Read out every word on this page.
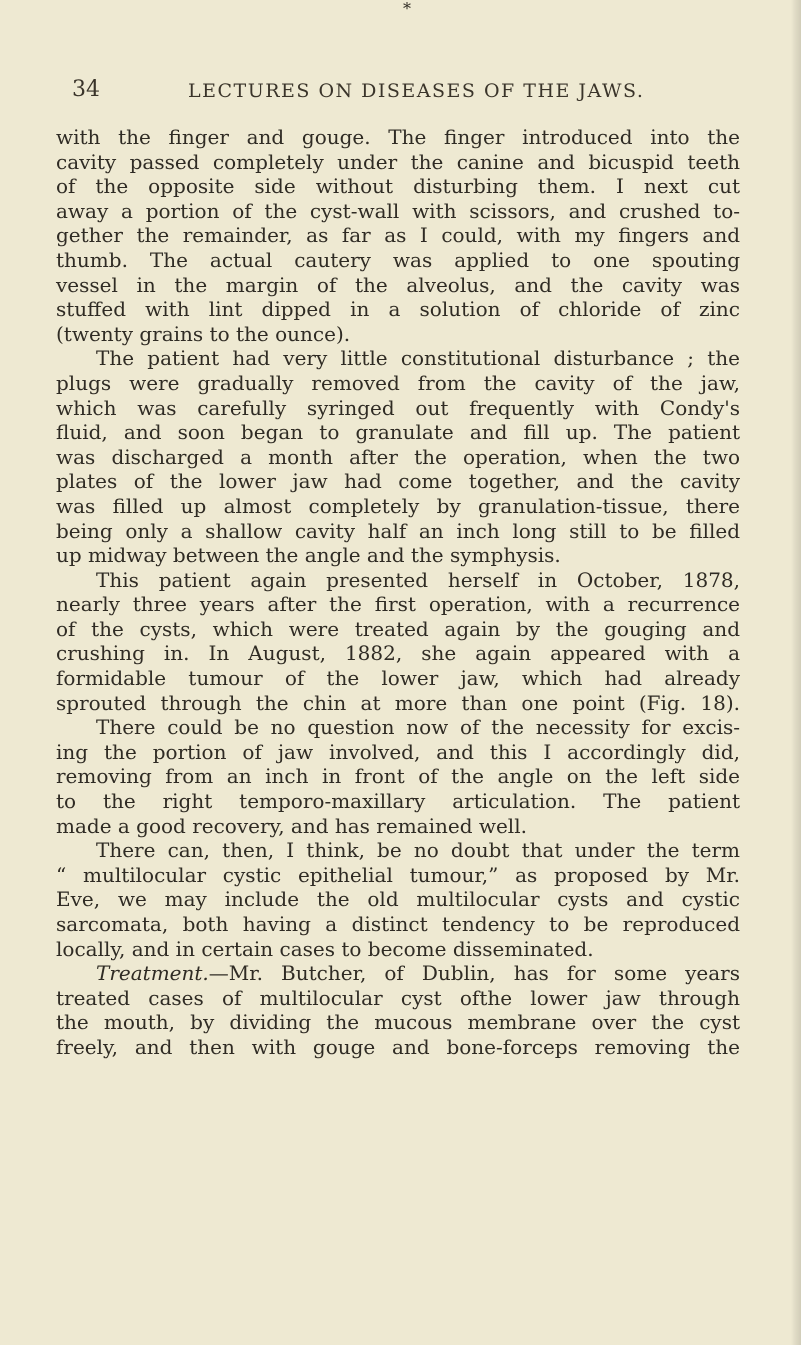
*
34	LECTURES ON DISEASES OF THE JAWS.
with the finger and gouge. The finger introduced into the
cavity passed completely under the canine and bicuspid teeth
of the opposite side without disturbing them. I next cut
away a portion of the cyst-wall with scissors, and crushed to-
gether the remainder, as far as I could, with my fingers and
thumb. The actual cautery was applied to one spouting
vessel in the margin of the alveolus, and the cavity was
stuffed with lint dipped in a solution of chloride of zinc
(twenty grains to the ounce).
The patient had very little constitutional disturbance ; the
plugs were gradually removed from the cavity of the jaw,
which was carefully syringed out frequently with Condy's
fluid, and soon began to granulate and fill up. The patient
was discharged a month after the operation, when the two
plates of the lower jaw had come together, and the cavity
was filled up almost completely by granulation-tissue, there
being only a shallow cavity half an inch long still to be filled
up midway between the angle and the symphysis.
This patient again presented herself in October, 1878,
nearly three years after the first operation, with a recurrence
of the cysts, which were treated again by the gouging and
crushing in. In August, 1882, she again appeared with a
formidable tumour of the lower jaw, which had already
sprouted through the chin at more than one point (Fig. 18).
There could be no question now of the necessity for excis-
ing the portion of jaw involved, and this I accordingly did,
removing from an inch in front of the angle on the left side
to the right temporo-maxillary articulation. The patient
made a good recovery, and has remained well.
There can, then, I think, be no doubt that under the term
“ multilocular cystic epithelial tumour,” as proposed by Mr.
Eve, we may include the old multilocular cysts and cystic
sarcomata, both having a distinct tendency to be reproduced
locally, and in certain cases to become disseminated.
Treatment.—Mr. Butcher, of Dublin, has for some years
treated cases of multilocular cyst ofthe lower jaw through
the mouth, by dividing the mucous membrane over the cyst
freely, and then with gouge and bone-forceps removing the
